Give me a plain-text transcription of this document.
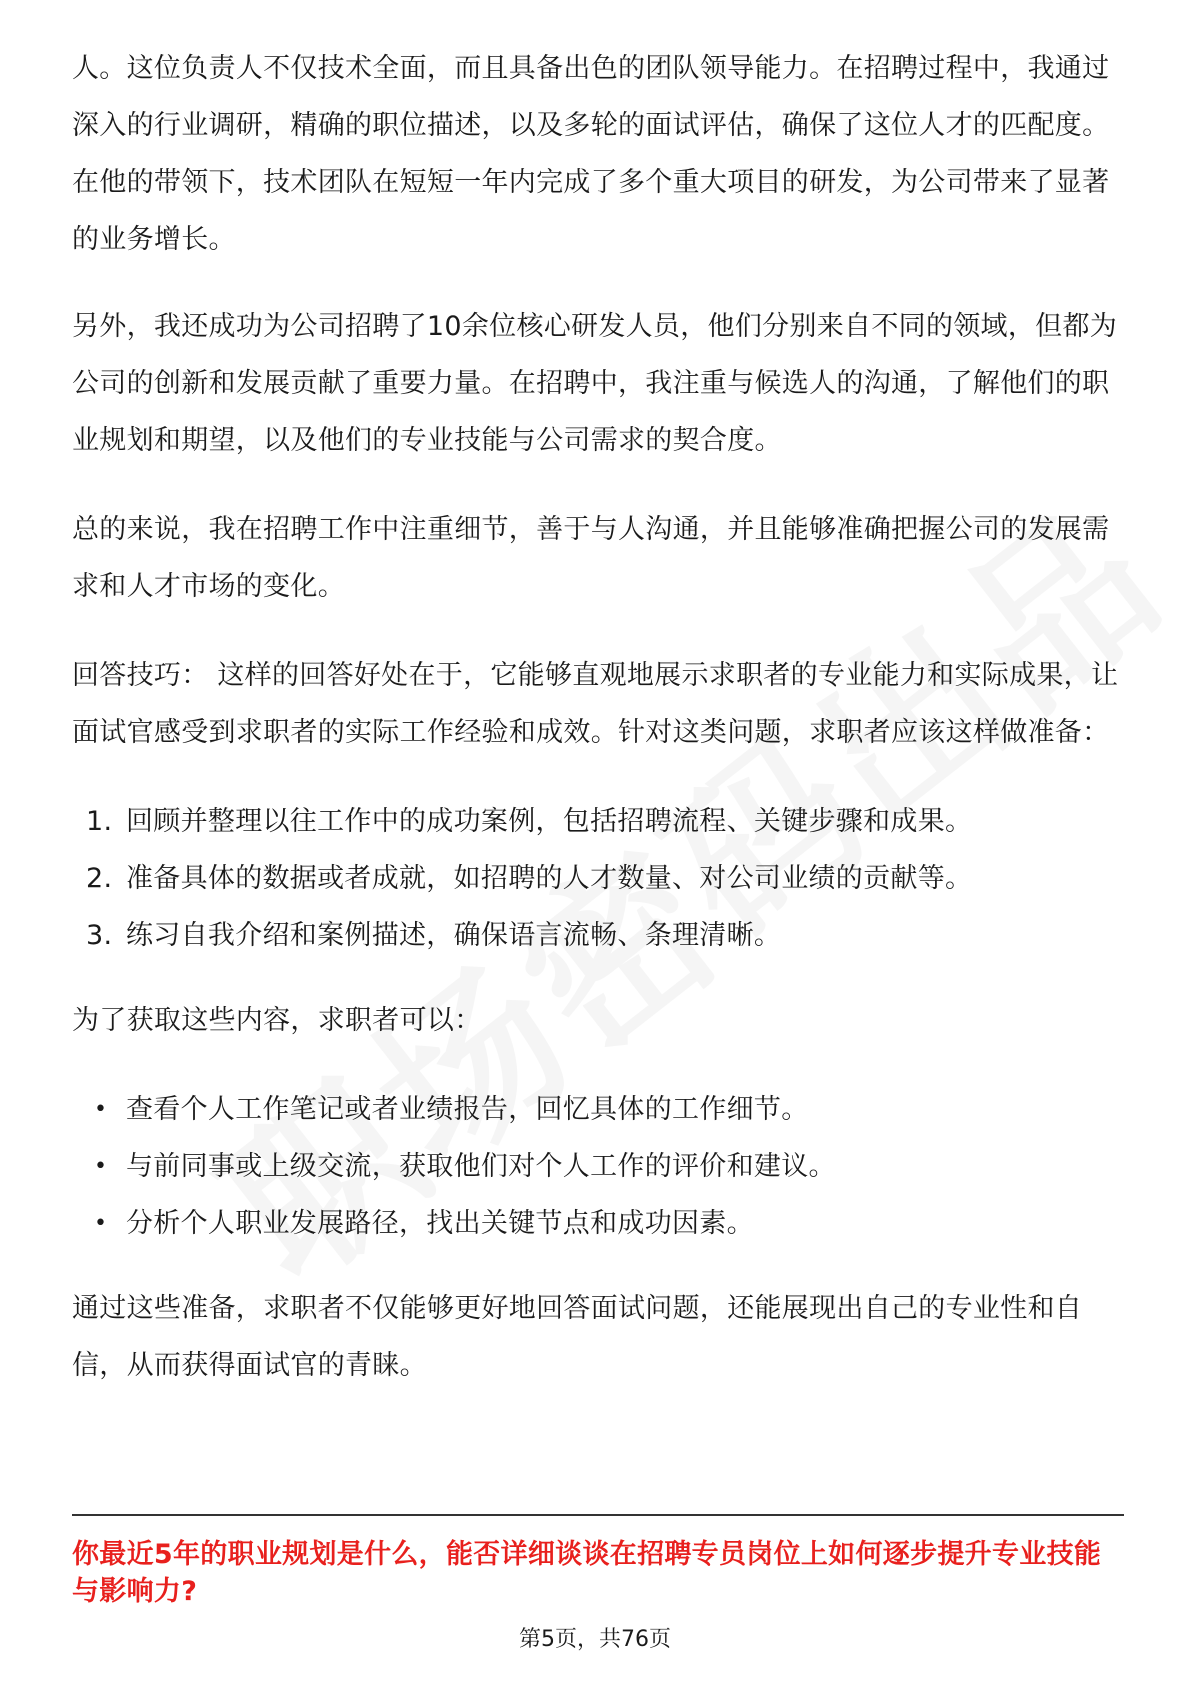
人。这位负责人不仅技术全面，而且具备出色的团队领导能力。在招聘过程中，我通过深入的行业调研，精确的职位描述，以及多轮的面试评估，确保了这位人才的匹配度。在他的带领下，技术团队在短短一年内完成了多个重大项目的研发，为公司带来了显著的业务增长。

另外，我还成功为公司招聘了10余位核心研发人员，他们分别来自不同的领域，但都为公司的创新和发展贡献了重要力量。在招聘中，我注重与候选人的沟通，了解他们的职业规划和期望，以及他们的专业技能与公司需求的契合度。

总的来说，我在招聘工作中注重细节，善于与人沟通，并且能够准确把握公司的发展需求和人才市场的变化。

回答技巧： 这样的回答好处在于，它能够直观地展示求职者的专业能力和实际成果，让面试官感受到求职者的实际工作经验和成效。针对这类问题，求职者应该这样做准备：

1. 回顾并整理以往工作中的成功案例，包括招聘流程、关键步骤和成果。
2. 准备具体的数据或者成就，如招聘的人才数量、对公司业绩的贡献等。
3. 练习自我介绍和案例描述，确保语言流畅、条理清晰。

为了获取这些内容，求职者可以：

• 查看个人工作笔记或者业绩报告，回忆具体的工作细节。
• 与前同事或上级交流，获取他们对个人工作的评价和建议。
• 分析个人职业发展路径，找出关键节点和成功因素。

通过这些准备，求职者不仅能够更好地回答面试问题，还能展现出自己的专业性和自信，从而获得面试官的青睐。

你最近5年的职业规划是什么，能否详细谈谈在招聘专员岗位上如何逐步提升专业技能与影响力?
第5页，共76页
